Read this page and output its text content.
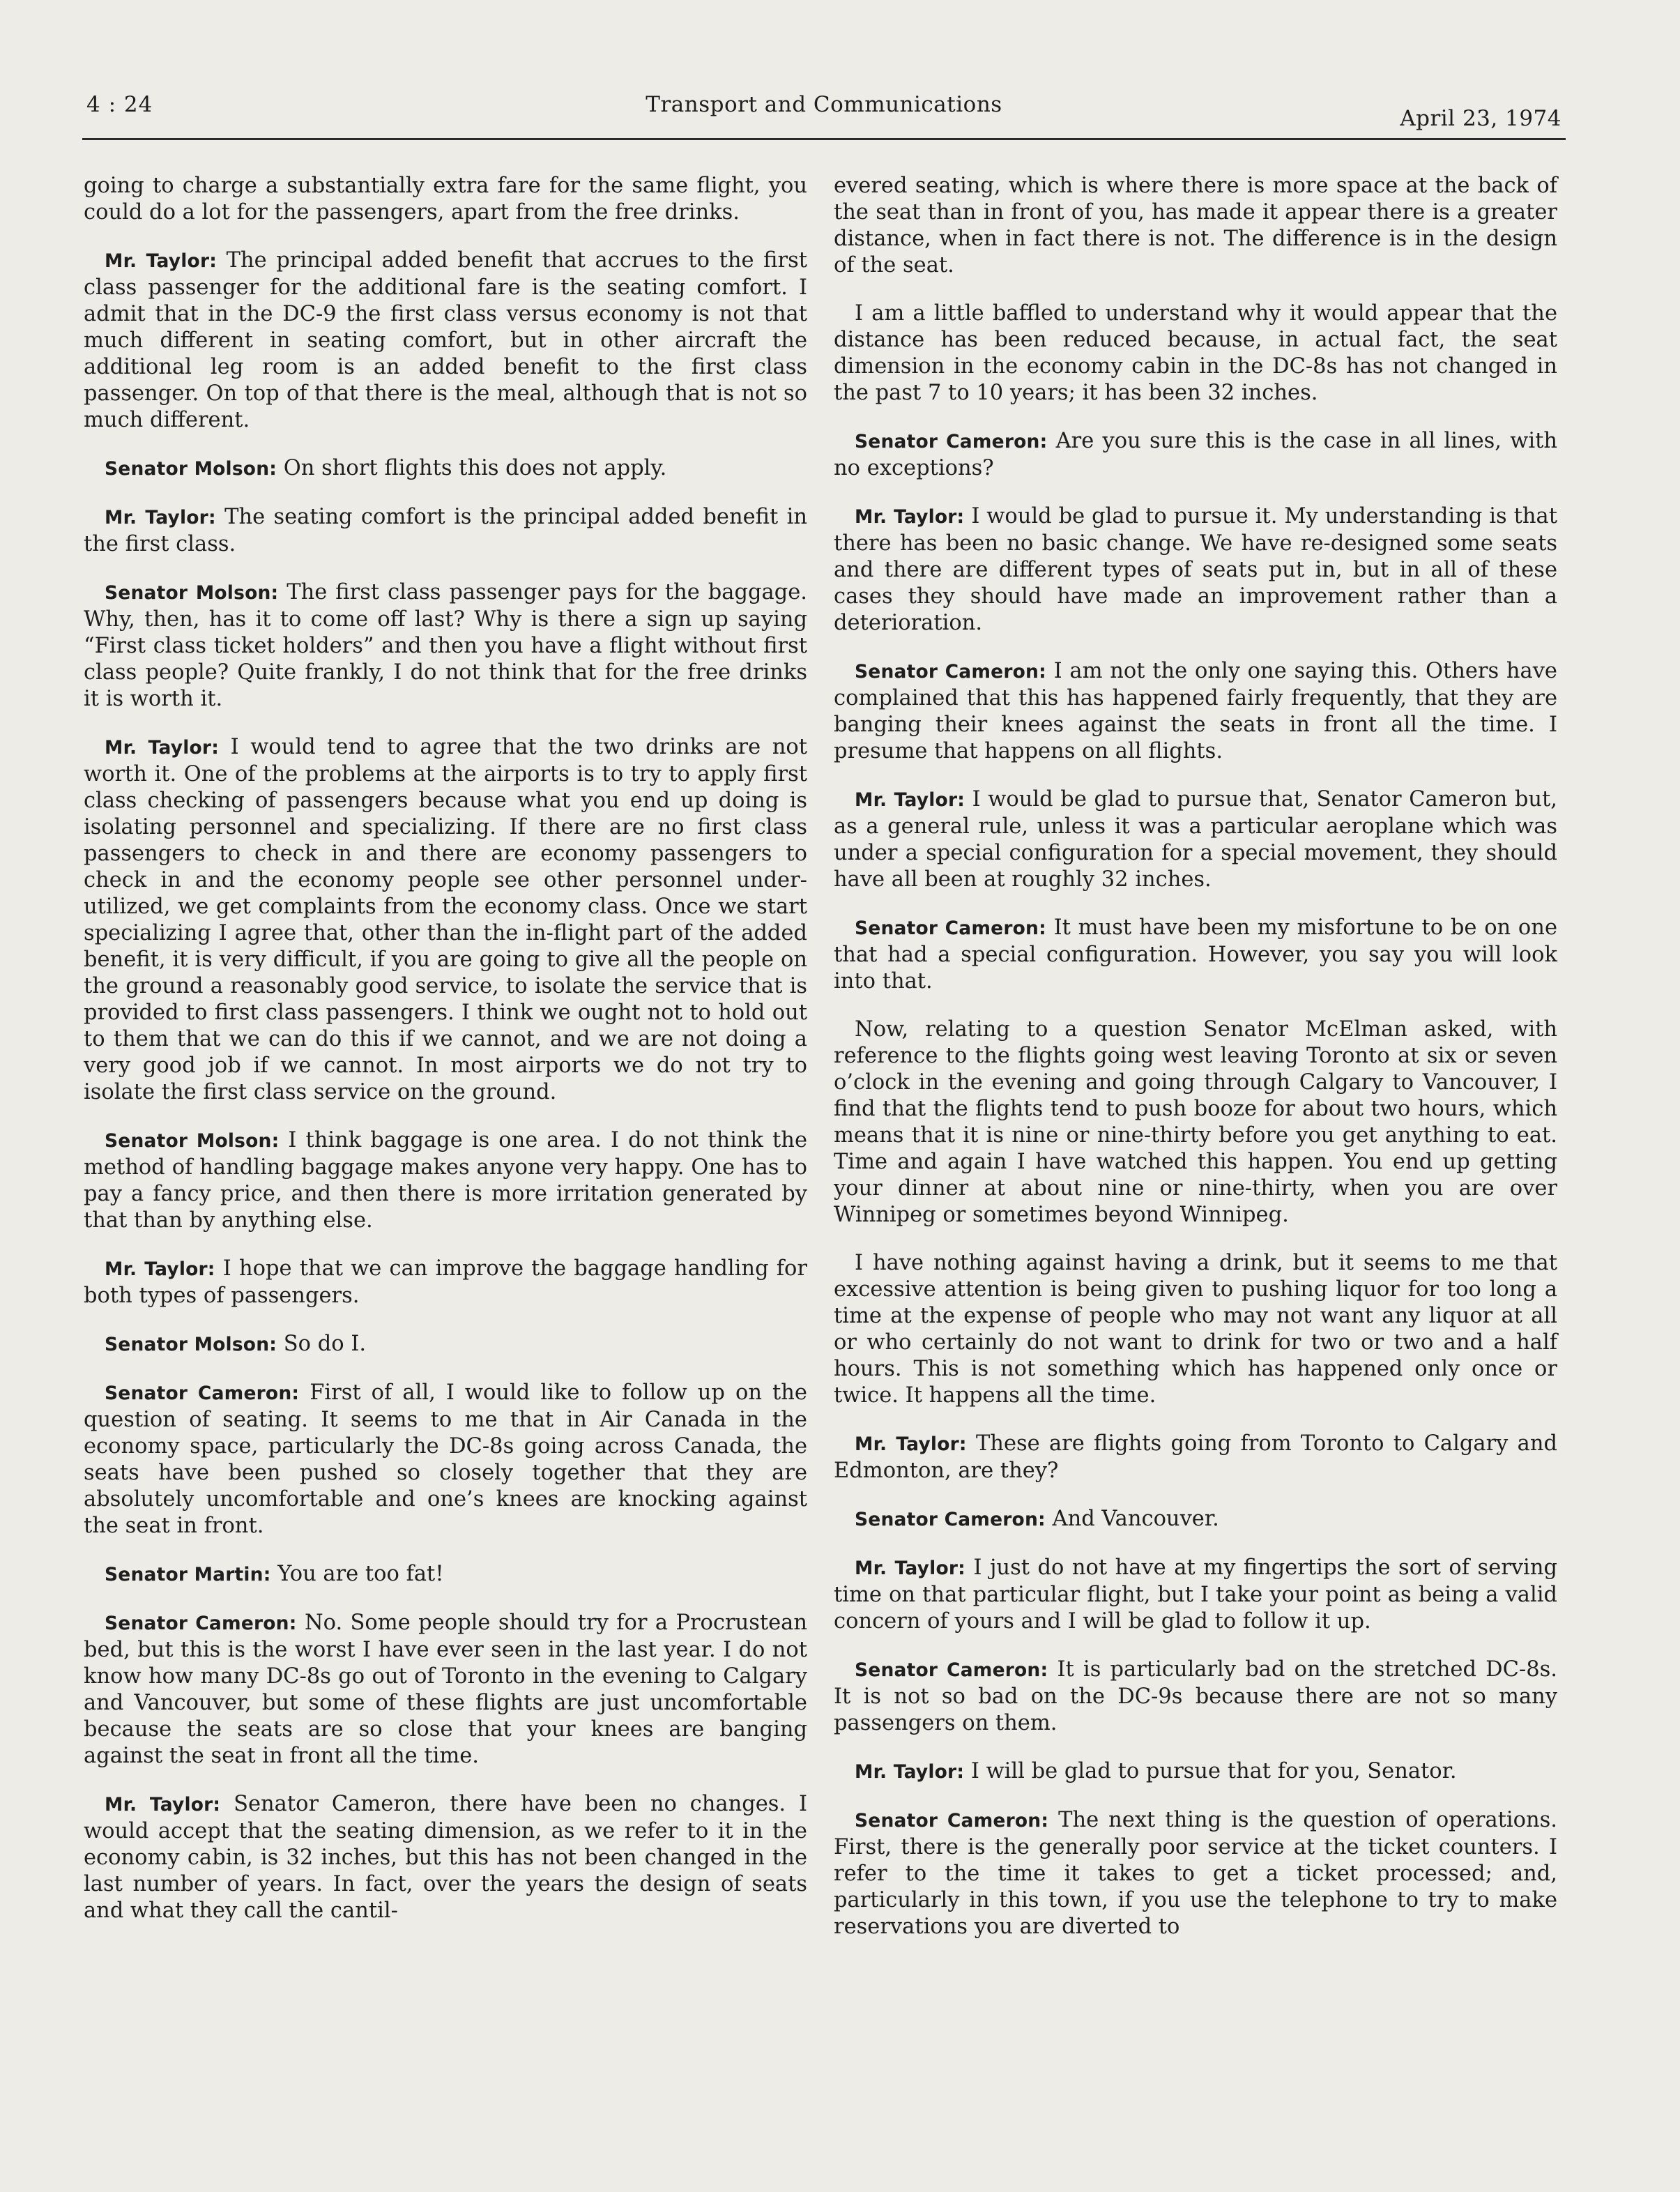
4 : 24	Transport and Communications
April 23, 1974

going to charge a substantially extra fare for the same flight, you could do a lot for the passengers, apart from the free drinks.

Mr. Taylor: The principal added benefit that accrues to the first class passenger for the additional fare is the seating comfort. I admit that in the DC-9 the first class versus economy is not that much different in seating comfort, but in other aircraft the additional leg room is an added benefit to the first class passenger. On top of that there is the meal, although that is not so much different.

Senator Molson: On short flights this does not apply.

Mr. Taylor: The seating comfort is the principal added benefit in the first class.

Senator Molson: The first class passenger pays for the baggage. Why, then, has it to come off last? Why is there a sign up saying “First class ticket holders” and then you have a flight without first class people? Quite frankly, I do not think that for the free drinks it is worth it.

Mr. Taylor: I would tend to agree that the two drinks are not worth it. One of the problems at the airports is to try to apply first class checking of passengers because what you end up doing is isolating personnel and specializing. If there are no first class passengers to check in and there are economy passengers to check in and the economy people see other personnel under-utilized, we get complaints from the economy class. Once we start specializing I agree that, other than the in-flight part of the added benefit, it is very difficult, if you are going to give all the people on the ground a reasonably good service, to isolate the service that is provided to first class passengers. I think we ought not to hold out to them that we can do this if we cannot, and we are not doing a very good job if we cannot. In most airports we do not try to isolate the first class service on the ground.

Senator Molson: I think baggage is one area. I do not think the method of handling baggage makes anyone very happy. One has to pay a fancy price, and then there is more irritation generated by that than by anything else.

Mr. Taylor: I hope that we can improve the baggage handling for both types of passengers.

Senator Molson: So do I.

Senator Cameron: First of all, I would like to follow up on the question of seating. It seems to me that in Air Canada in the economy space, particularly the DC-8s going across Canada, the seats have been pushed so closely together that they are absolutely uncomfortable and one’s knees are knocking against the seat in front.

Senator Martin: You are too fat!

Senator Cameron: No. Some people should try for a Procrustean bed, but this is the worst I have ever seen in the last year. I do not know how many DC-8s go out of Toronto in the evening to Calgary and Vancouver, but some of these flights are just uncomfortable because the seats are so close that your knees are banging against the seat in front all the time.

Mr. Taylor: Senator Cameron, there have been no changes. I would accept that the seating dimension, as we refer to it in the economy cabin, is 32 inches, but this has not been changed in the last number of years. In fact, over the years the design of seats and what they call the cantil-

evered seating, which is where there is more space at the back of the seat than in front of you, has made it appear there is a greater distance, when in fact there is not. The difference is in the design of the seat.

I am a little baffled to understand why it would appear that the distance has been reduced because, in actual fact, the seat dimension in the economy cabin in the DC-8s has not changed in the past 7 to 10 years; it has been 32 inches.

Senator Cameron: Are you sure this is the case in all lines, with no exceptions?

Mr. Taylor: I would be glad to pursue it. My understanding is that there has been no basic change. We have re-designed some seats and there are different types of seats put in, but in all of these cases they should have made an improvement rather than a deterioration.

Senator Cameron: I am not the only one saying this. Others have complained that this has happened fairly frequently, that they are banging their knees against the seats in front all the time. I presume that happens on all flights.

Mr. Taylor: I would be glad to pursue that, Senator Cameron but, as a general rule, unless it was a particular aeroplane which was under a special configuration for a special movement, they should have all been at roughly 32 inches.

Senator Cameron: It must have been my misfortune to be on one that had a special configuration. However, you say you will look into that.

Now, relating to a question Senator McElman asked, with reference to the flights going west leaving Toronto at six or seven o’clock in the evening and going through Calgary to Vancouver, I find that the flights tend to push booze for about two hours, which means that it is nine or nine-thirty before you get anything to eat. Time and again I have watched this happen. You end up getting your dinner at about nine or nine-thirty, when you are over Winnipeg or sometimes beyond Winnipeg.

I have nothing against having a drink, but it seems to me that excessive attention is being given to pushing liquor for too long a time at the expense of people who may not want any liquor at all or who certainly do not want to drink for two or two and a half hours. This is not something which has happened only once or twice. It happens all the time.

Mr. Taylor: These are flights going from Toronto to Calgary and Edmonton, are they?

Senator Cameron: And Vancouver.

Mr. Taylor: I just do not have at my fingertips the sort of serving time on that particular flight, but I take your point as being a valid concern of yours and I will be glad to follow it up.

Senator Cameron: It is particularly bad on the stretched DC-8s. It is not so bad on the DC-9s because there are not so many passengers on them.

Mr. Taylor: I will be glad to pursue that for you, Senator.

Senator Cameron: The next thing is the question of operations. First, there is the generally poor service at the ticket counters. I refer to the time it takes to get a ticket processed; and, particularly in this town, if you use the telephone to try to make reservations you are diverted to
